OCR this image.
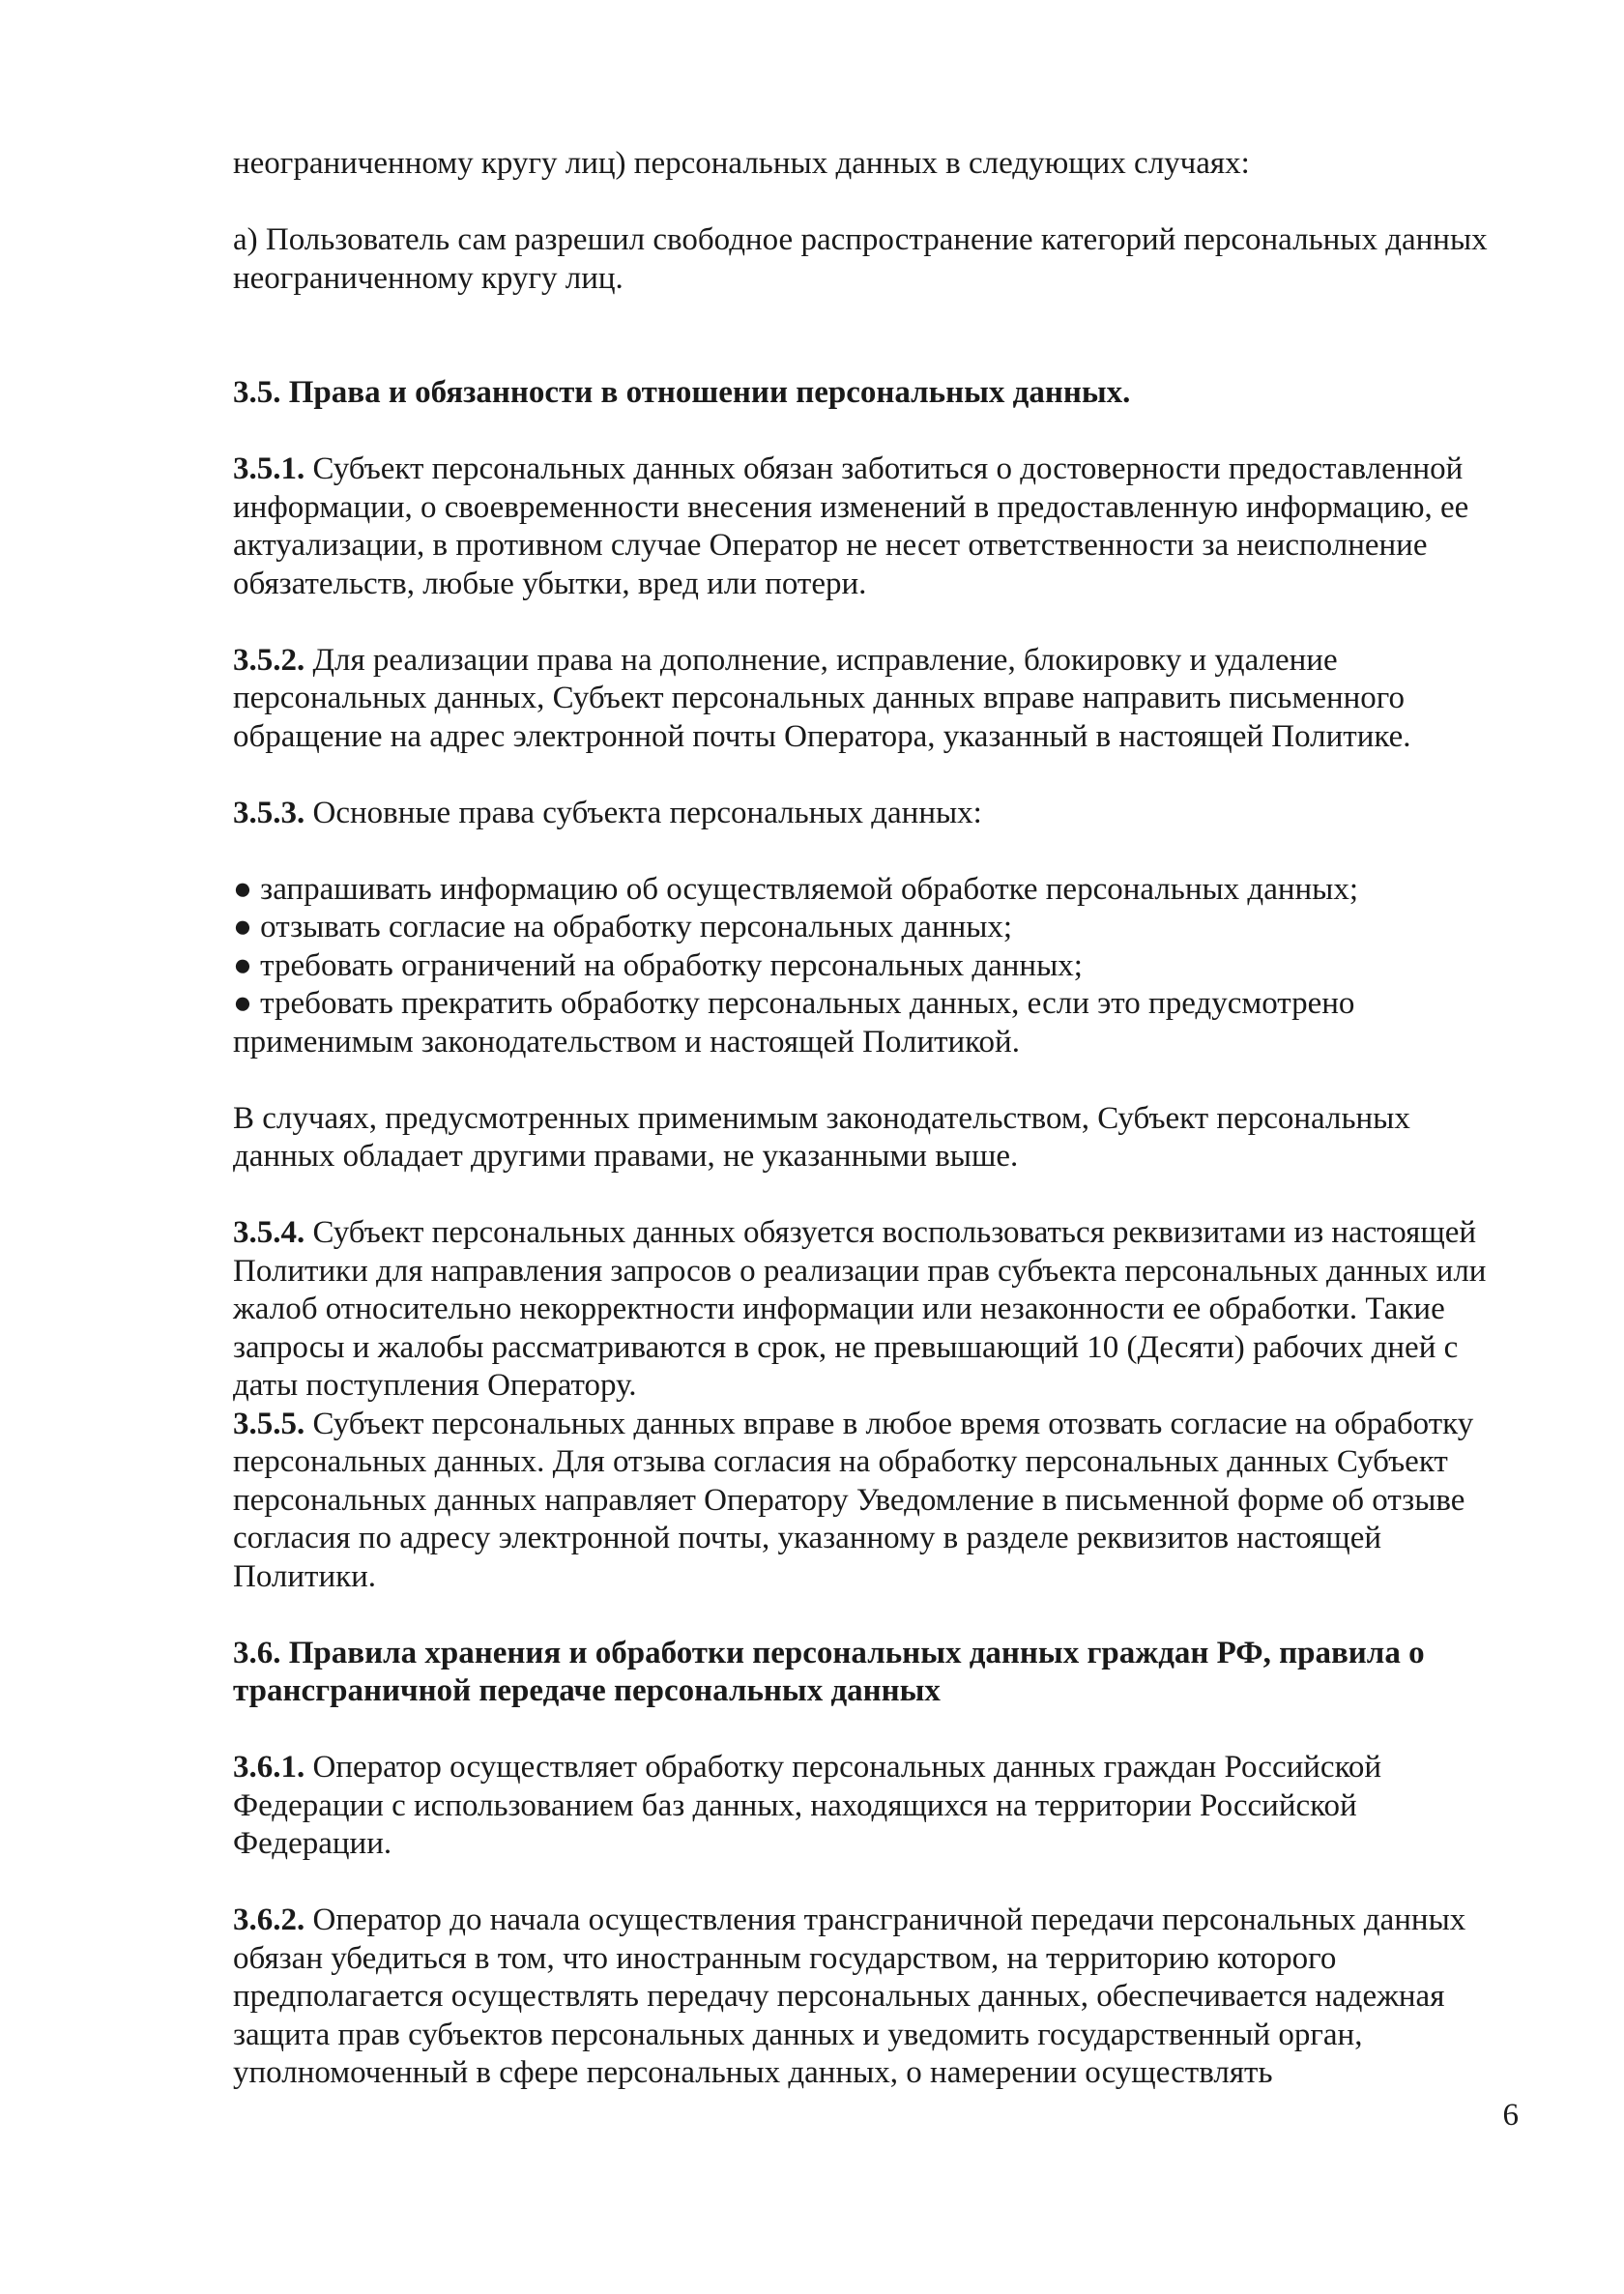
неограниченному кругу лиц) персональных данных в следующих случаях:

а) Пользователь сам разрешил свободное распространение категорий персональных данных неограниченному кругу лиц.

3.5. Права и обязанности в отношении персональных данных.

3.5.1. Субъект персональных данных обязан заботиться о достоверности предоставленной информации, о своевременности внесения изменений в предоставленную информацию, ее актуализации, в противном случае Оператор не несет ответственности за неисполнение обязательств, любые убытки, вред или потери.

3.5.2. Для реализации права на дополнение, исправление, блокировку и удаление персональных данных, Субъект персональных данных вправе направить письменного обращение на адрес электронной почты Оператора, указанный в настоящей Политике.

3.5.3. Основные права субъекта персональных данных:

● запрашивать информацию об осуществляемой обработке персональных данных;
● отзывать согласие на обработку персональных данных;
● требовать ограничений на обработку персональных данных;
● требовать прекратить обработку персональных данных, если это предусмотрено применимым законодательством и настоящей Политикой.

В случаях, предусмотренных применимым законодательством, Субъект персональных данных обладает другими правами, не указанными выше.

3.5.4. Субъект персональных данных обязуется воспользоваться реквизитами из настоящей Политики для направления запросов о реализации прав субъекта персональных данных или жалоб относительно некорректности информации или незаконности ее обработки. Такие запросы и жалобы рассматриваются в срок, не превышающий 10 (Десяти) рабочих дней с даты поступления Оператору.

3.5.5. Субъект персональных данных вправе в любое время отозвать согласие на обработку персональных данных. Для отзыва согласия на обработку персональных данных Субъект персональных данных направляет Оператору Уведомление в письменной форме об отзыве согласия по адресу электронной почты, указанному в разделе реквизитов настоящей Политики.

3.6. Правила хранения и обработки персональных данных граждан РФ, правила о трансграничной передаче персональных данных

3.6.1. Оператор осуществляет обработку персональных данных граждан Российской Федерации с использованием баз данных, находящихся на территории Российской Федерации.

3.6.2. Оператор до начала осуществления трансграничной передачи персональных данных обязан убедиться в том, что иностранным государством, на территорию которого предполагается осуществлять передачу персональных данных, обеспечивается надежная защита прав субъектов персональных данных и уведомить государственный орган, уполномоченный в сфере персональных данных, о намерении осуществлять

6
